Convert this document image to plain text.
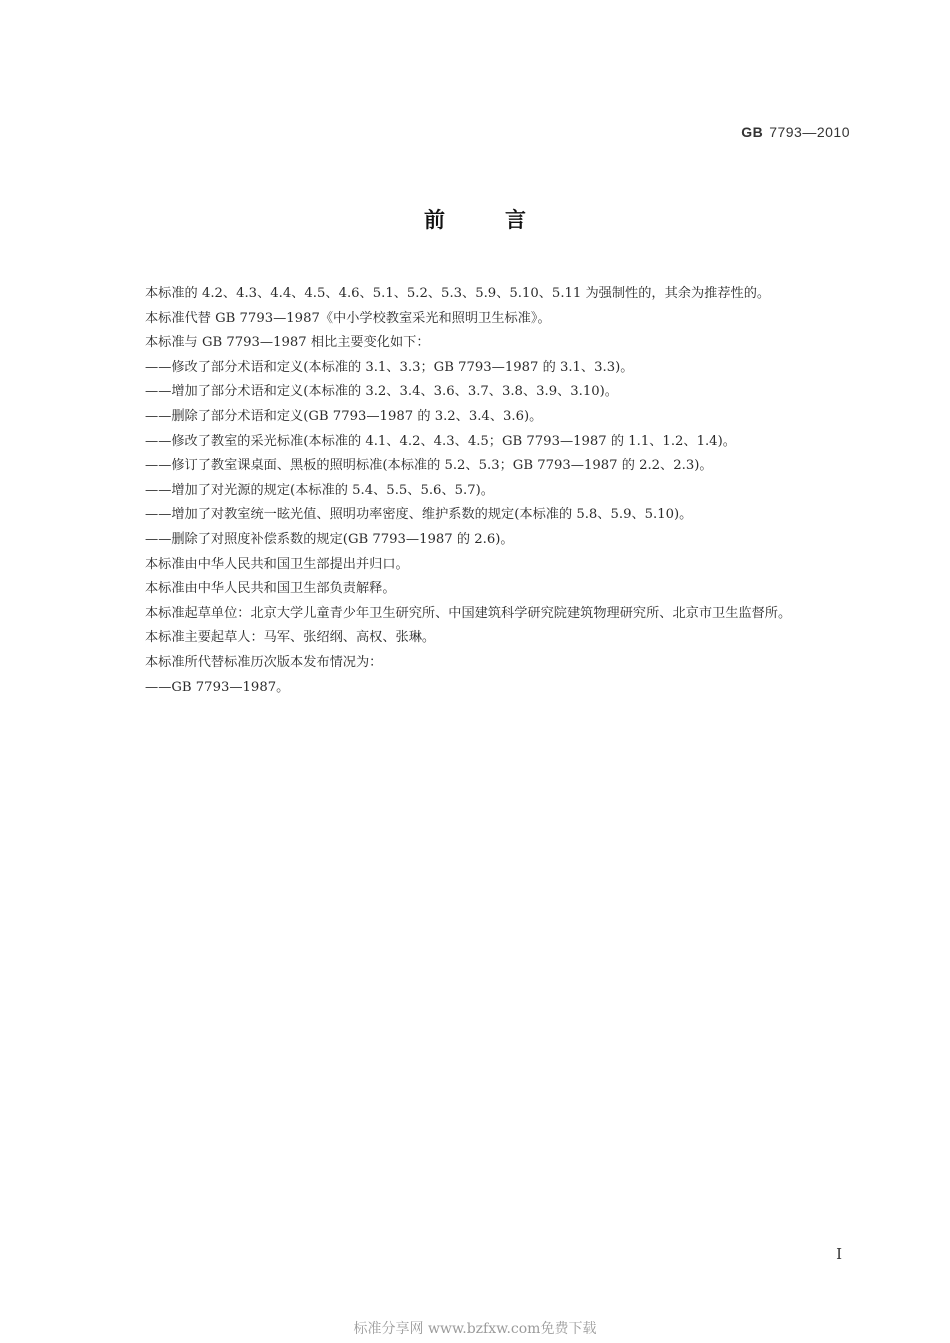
GB 7793—2010
前	言

本标准的 4.2、4.3、4.4、4.5、4.6、5.1、5.2、5.3、5.9、5.10、5.11 为强制性的，其余为推荐性的。

本标准代替 GB 7793—1987《中小学校教室采光和照明卫生标准》。

本标准与 GB 7793—1987 相比主要变化如下：

——修改了部分术语和定义(本标准的 3.1、3.3；GB 7793—1987 的 3.1、3.3)。

——增加了部分术语和定义(本标准的 3.2、3.4、3.6、3.7、3.8、3.9、3.10)。

——删除了部分术语和定义(GB 7793—1987 的 3.2、3.4、3.6)。

——修改了教室的采光标准(本标准的 4.1、4.2、4.3、4.5；GB 7793—1987 的 1.1、1.2、1.4)。

——修订了教室课桌面、黑板的照明标准(本标准的 5.2、5.3；GB 7793—1987 的 2.2、2.3)。

——增加了对光源的规定(本标准的 5.4、5.5、5.6、5.7)。

——增加了对教室统一眩光值、照明功率密度、维护系数的规定(本标准的 5.8、5.9、5.10)。

——删除了对照度补偿系数的规定(GB 7793—1987 的 2.6)。

本标准由中华人民共和国卫生部提出并归口。

本标准由中华人民共和国卫生部负责解释。

本标准起草单位：北京大学儿童青少年卫生研究所、中国建筑科学研究院建筑物理研究所、北京市卫生监督所。

本标准主要起草人：马军、张绍纲、高权、张琳。

本标准所代替标准历次版本发布情况为：

——GB 7793—1987。

I
标准分享网 www.bzfxw.com免费下载
